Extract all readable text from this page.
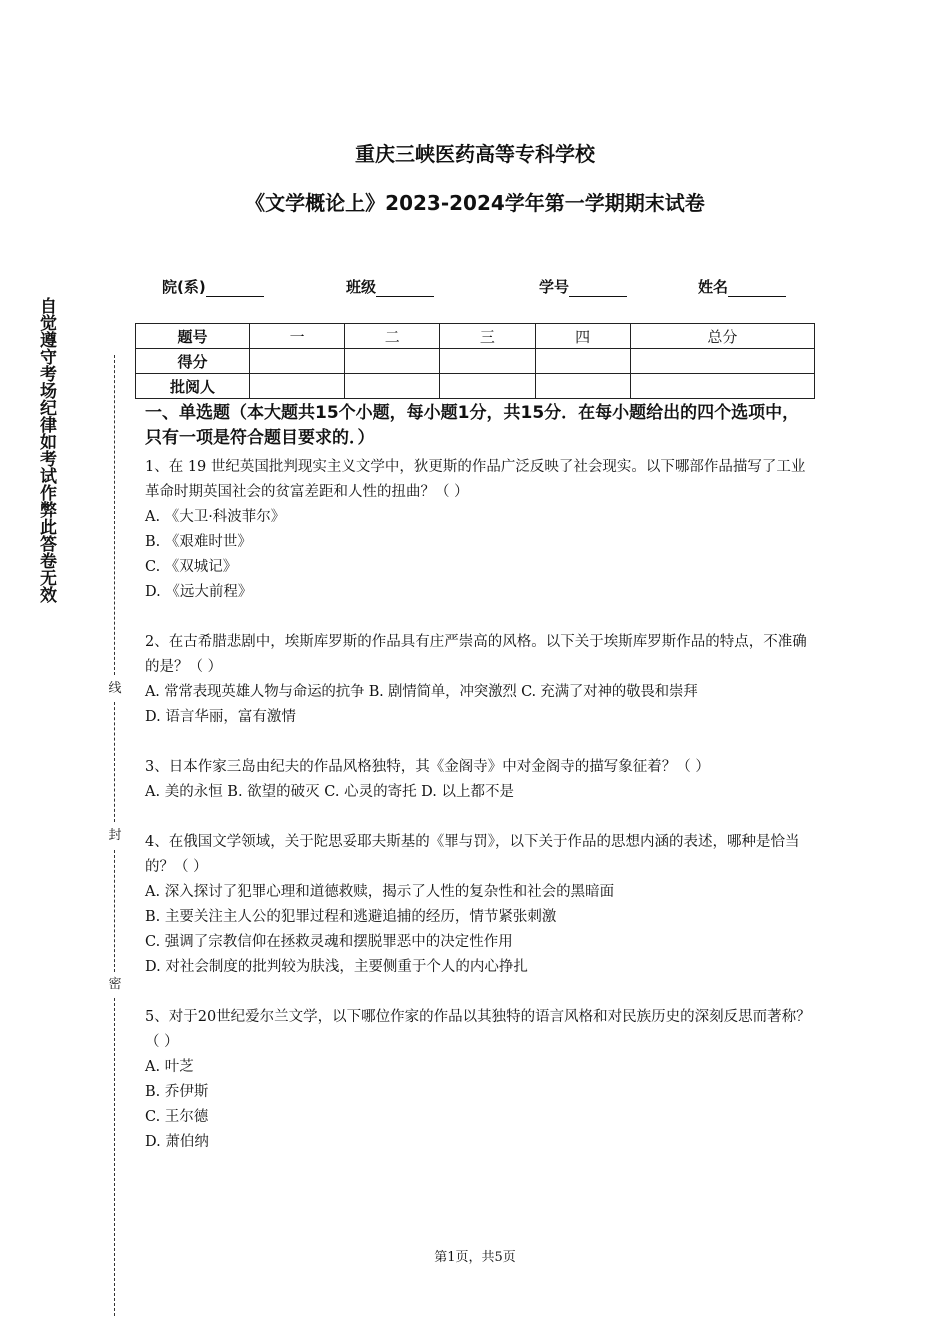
重庆三峡医药高等专科学校
《文学概论上》2023-2024学年第一学期期末试卷
院(系)	班级	学号	姓名
题号	一	二	三	四	总分
得分					
批阅人					
自觉遵守考场纪律如考试作弊此答卷无效
线
封
密

一、单选题（本大题共15个小题，每小题1分，共15分．在每小题给出的四个选项中，只有一项是符合题目要求的．）

1、在 19 世纪英国批判现实主义文学中，狄更斯的作品广泛反映了社会现实。以下哪部作品描写了工业革命时期英国社会的贫富差距和人性的扭曲？（ ）

A. 《大卫·科波菲尔》

B. 《艰难时世》

C. 《双城记》

D. 《远大前程》

2、在古希腊悲剧中，埃斯库罗斯的作品具有庄严崇高的风格。以下关于埃斯库罗斯作品的特点，不准确的是？（ ）

A. 常常表现英雄人物与命运的抗争 B. 剧情简单，冲突激烈 C. 充满了对神的敬畏和崇拜

D. 语言华丽，富有激情

3、日本作家三岛由纪夫的作品风格独特，其《金阁寺》中对金阁寺的描写象征着？（ ）

A. 美的永恒 B. 欲望的破灭 C. 心灵的寄托 D. 以上都不是

4、在俄国文学领域，关于陀思妥耶夫斯基的《罪与罚》，以下关于作品的思想内涵的表述，哪种是恰当的？（ ）

A. 深入探讨了犯罪心理和道德救赎，揭示了人性的复杂性和社会的黑暗面

B. 主要关注主人公的犯罪过程和逃避追捕的经历，情节紧张刺激

C. 强调了宗教信仰在拯救灵魂和摆脱罪恶中的决定性作用

D. 对社会制度的批判较为肤浅，主要侧重于个人的内心挣扎

5、对于20世纪爱尔兰文学，以下哪位作家的作品以其独特的语言风格和对民族历史的深刻反思而著称？（ ）

A. 叶芝

B. 乔伊斯

C. 王尔德

D. 萧伯纳

第1页，共5页
